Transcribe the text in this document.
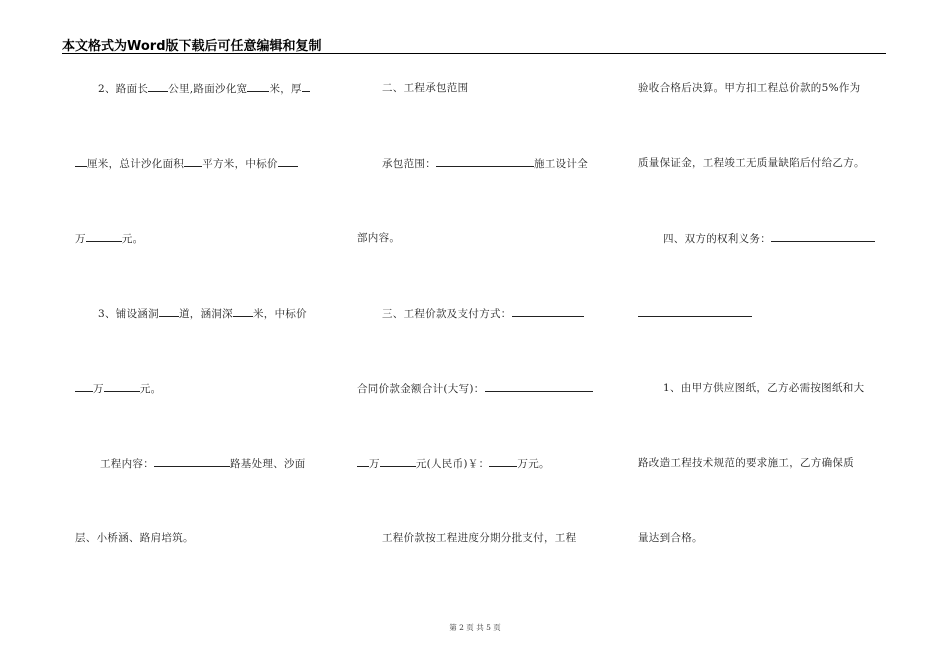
本文格式为Word版下载后可任意编辑和复制
2、路面长 公里,路面沙化宽 米，厚
厘米，总计沙化面积 平方米，中标价
万	元。
3、铺设涵洞 道，涵洞深 米，中标价
万	元。
工程内容：	路基处理、沙面
层、小桥涵、路肩培筑。
二、工程承包范围
承包范围：	施工设计全
部内容。
三、工程价款及支付方式：
合同价款金额合计(大写)：
万	元(人民币)￥：	万元。
工程价款按工程进度分期分批支付，工程
验收合格后决算。甲方扣工程总价款的5%作为
质量保证金，工程竣工无质量缺陷后付给乙方。
四、双方的权利义务：
1、由甲方供应图纸，乙方必需按图纸和大
路改造工程技术规范的要求施工，乙方确保质
量达到合格。
第 2 页 共 5 页
